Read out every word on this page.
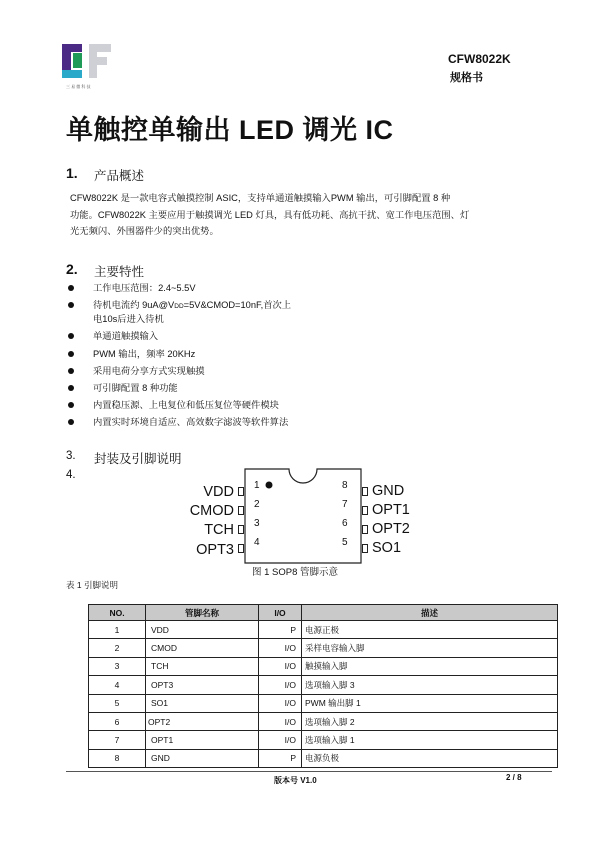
三 易 微 科 技
CFW8022K
规格书
单触控单输出 LED 调光 IC
1. 产品概述
CFW8022K 是一款电容式触摸控制 ASIC，支持单通道触摸输入PWM 输出，可引脚配置 8 种
功能。CFW8022K 主要应用于触摸调光 LED 灯具，具有低功耗、高抗干扰、宽工作电压范围、灯
光无频闪、外围器件少的突出优势。
2. 主要特性
工作电压范围：2.4~5.5V
待机电流约 9uA@VDD=5V&CMOD=10nF,首次上
电10s后进入待机
单通道触摸输入
PWM 输出，频率 20KHz
采用电荷分享方式实现触摸
可引脚配置 8 种功能
内置稳压源、上电复位和低压复位等硬件模块
内置实时环境自适应、高效数字滤波等软件算法
3. 封装及引脚说明
4.
1
2
3
4
8
7
6
5
VDD
CMOD
TCH
OPT3
GND
OPT1
OPT2
SO1
图 1 SOP8 管脚示意
表 1 引脚说明
NO.	管脚名称	I/O	描述
1	VDD	P	电源正极
2	CMOD	I/O	采样电容输入脚
3	TCH	I/O	触摸输入脚
4	OPT3	I/O	选项输入脚 3
5	SO1	I/O	PWM 输出脚 1
6	OPT2	I/O	选项输入脚 2
7	OPT1	I/O	选项输入脚 1
8	GND	P	电源负极
版本号 V1.0	2 / 8
